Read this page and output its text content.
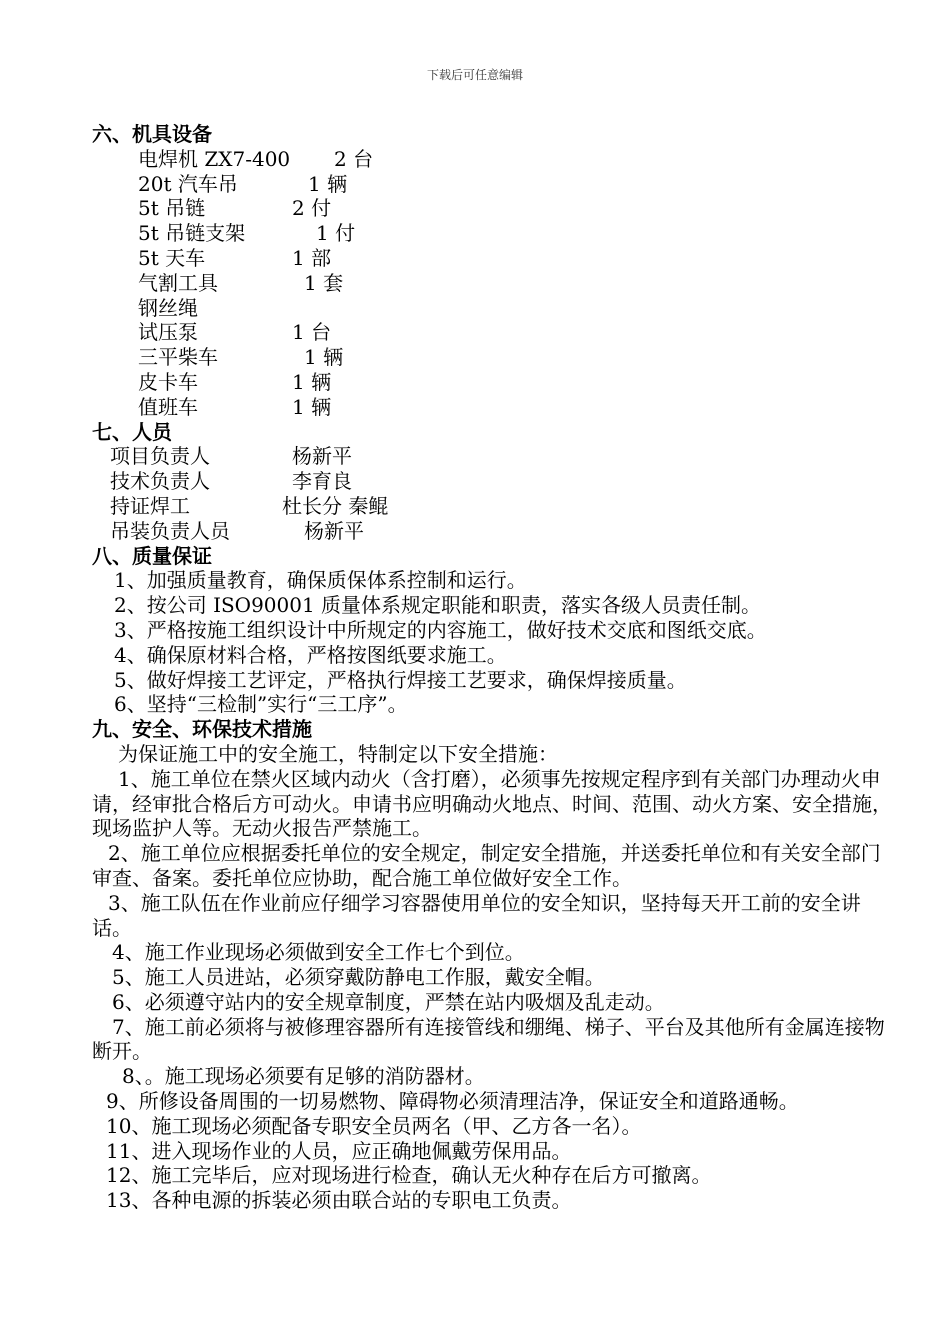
下载后可任意编辑
六、机具设备
电焊机 ZX7-400 2 台
20t 汽车吊	1 辆
5t 吊链	2 付
5t 吊链支架	1 付
5t 天车	1 部
气割工具	1 套
钢丝绳
试压泵	1 台
三平柴车	1 辆
皮卡车	1 辆
值班车	1 辆
七、人员
项目负责人	杨新平
技术负责人	李育良
持证焊工	杜长分 秦鲲
吊装负责人员	杨新平
八、质量保证
1、加强质量教育，确保质保体系控制和运行。
2、按公司 ISO90001 质量体系规定职能和职责，落实各级人员责任制。
3、严格按施工组织设计中所规定的内容施工，做好技术交底和图纸交底。
4、确保原材料合格，严格按图纸要求施工。
5、做好焊接工艺评定，严格执行焊接工艺要求，确保焊接质量。
6、坚持“三检制”实行“三工序”。
九、安全、环保技术措施
为保证施工中的安全施工，特制定以下安全措施：
1、施工单位在禁火区域内动火（含打磨），必须事先按规定程序到有关部门办理动火申请，经审批合格后方可动火。申请书应明确动火地点、时间、范围、动火方案、安全措施，现场监护人等。无动火报告严禁施工。
2、施工单位应根据委托单位的安全规定，制定安全措施，并送委托单位和有关安全部门审查、备案。委托单位应协助，配合施工单位做好安全工作。
3、施工队伍在作业前应仔细学习容器使用单位的安全知识，坚持每天开工前的安全讲话。
4、施工作业现场必须做到安全工作七个到位。
5、施工人员进站，必须穿戴防静电工作服，戴安全帽。
6、必须遵守站内的安全规章制度，严禁在站内吸烟及乱走动。
7、施工前必须将与被修理容器所有连接管线和绷绳、梯子、平台及其他所有金属连接物断开。
8、。施工现场必须要有足够的消防器材。
9、所修设备周围的一切易燃物、障碍物必须清理洁净，保证安全和道路通畅。
10、施工现场必须配备专职安全员两名（甲、乙方各一名）。
11、进入现场作业的人员，应正确地佩戴劳保用品。
12、施工完毕后，应对现场进行检查，确认无火种存在后方可撤离。
13、各种电源的拆装必须由联合站的专职电工负责。
